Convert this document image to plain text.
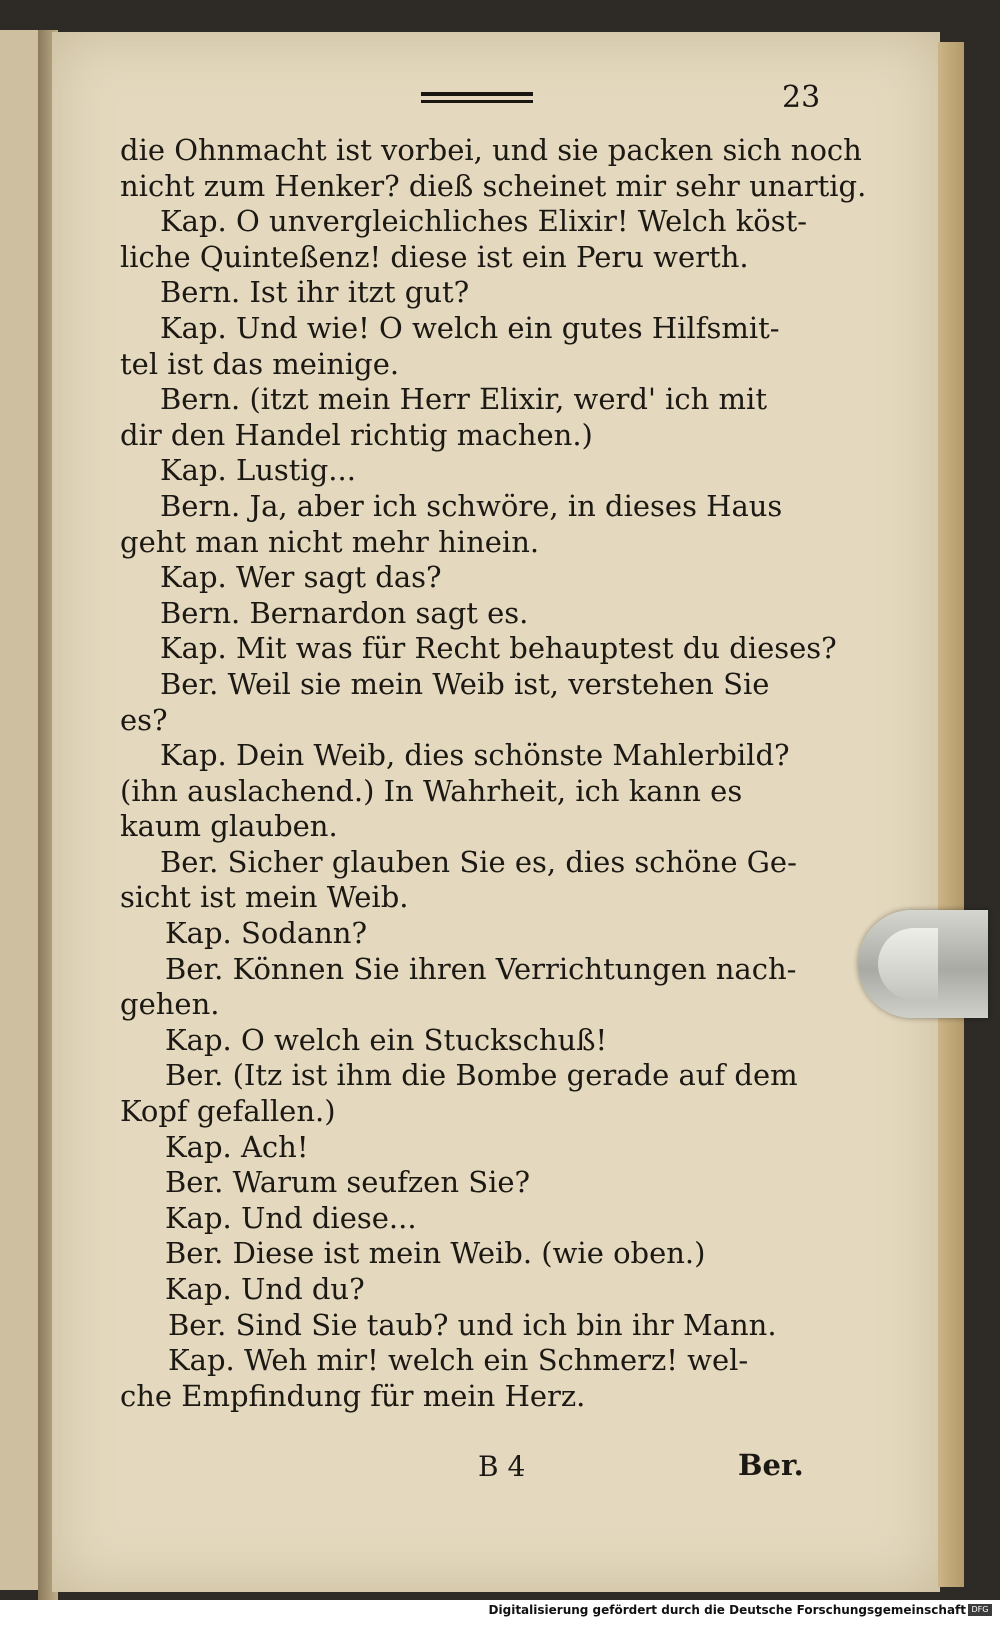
23
die Ohnmacht ist vorbei, und sie packen sich noch
nicht zum Henker? dieß scheinet mir sehr unartig.
Kap. O unvergleichliches Elixir! Welch köst-
liche Quinteßenz! diese ist ein Peru werth.
Bern. Ist ihr itzt gut?
Kap. Und wie! O welch ein gutes Hilfsmit-
tel ist das meinige.
Bern. (itzt mein Herr Elixir, werd' ich mit
dir den Handel richtig machen.)
Kap. Lustig...
Bern. Ja, aber ich schwöre, in dieses Haus
geht man nicht mehr hinein.
Kap. Wer sagt das?
Bern. Bernardon sagt es.
Kap. Mit was für Recht behauptest du dieses?
Ber. Weil sie mein Weib ist, verstehen Sie
es?
Kap. Dein Weib, dies schönste Mahlerbild?
(ihn auslachend.) In Wahrheit, ich kann es
kaum glauben.
Ber. Sicher glauben Sie es, dies schöne Ge-
sicht ist mein Weib.
Kap. Sodann?
Ber. Können Sie ihren Verrichtungen nach-
gehen.
Kap. O welch ein Stuckschuß!
Ber. (Itz ist ihm die Bombe gerade auf dem
Kopf gefallen.)
Kap. Ach!
Ber. Warum seufzen Sie?
Kap. Und diese...
Ber. Diese ist mein Weib. (wie oben.)
Kap. Und du?
Ber. Sind Sie taub? und ich bin ihr Mann.
Kap. Weh mir! welch ein Schmerz! wel-
che Empfindung für mein Herz.
B 4	Ber.
Digitalisierung gefördert durch die Deutsche Forschungsgemeinschaft DFG
